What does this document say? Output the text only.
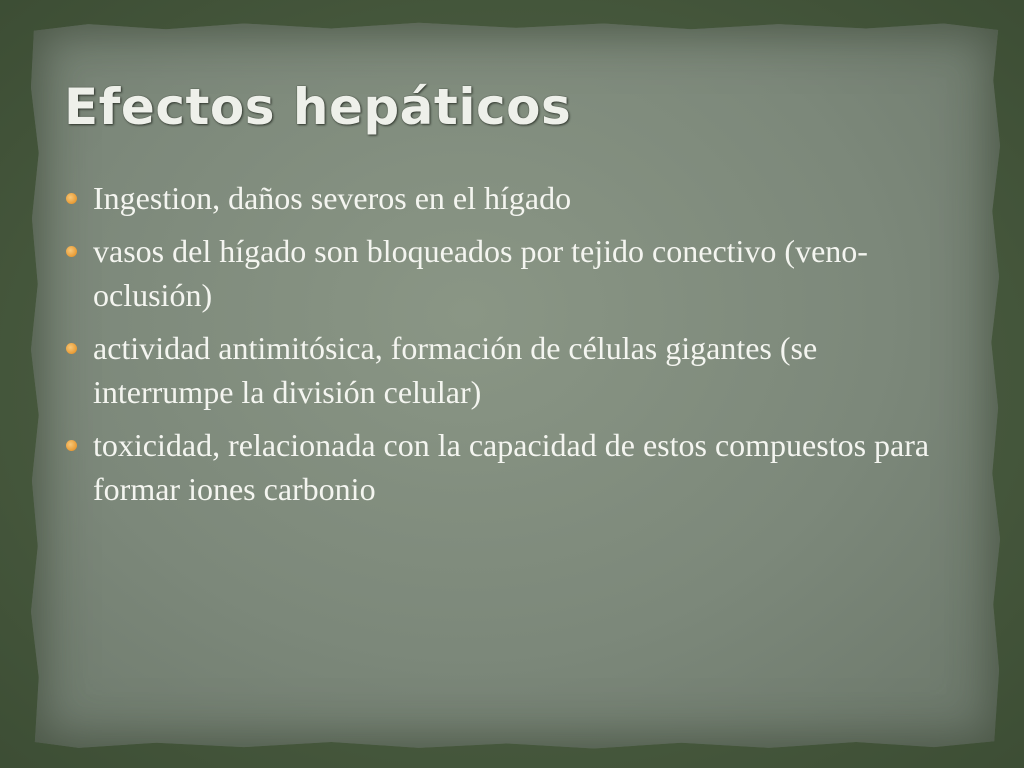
Efectos hepáticos
Ingestion, daños severos en el hígado
vasos del hígado son bloqueados por tejido conectivo (veno-oclusión)
actividad antimitósica, formación de células gigantes (se interrumpe la división celular)
toxicidad, relacionada con la capacidad de estos compuestos para formar iones carbonio
